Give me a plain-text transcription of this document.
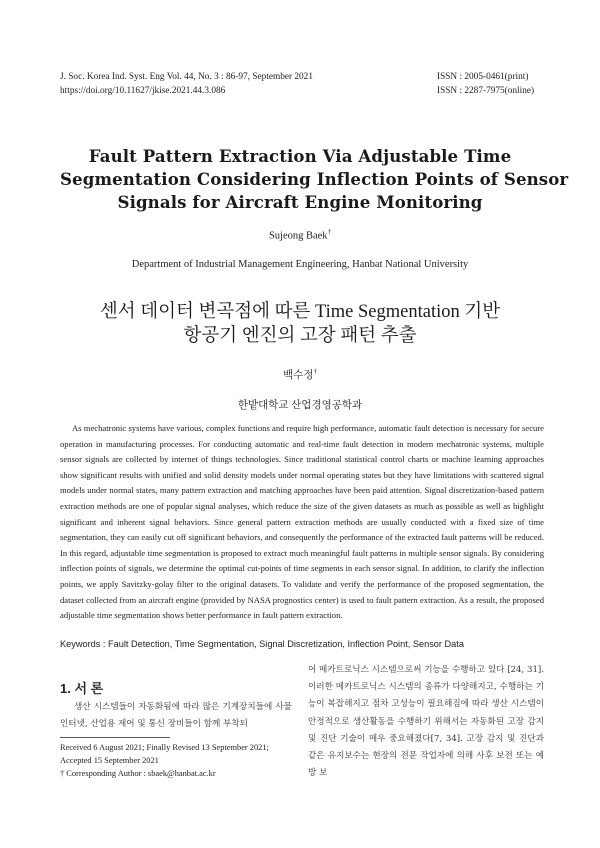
J. Soc. Korea Ind. Syst. Eng Vol. 44, No. 3 : 86-97, September 2021
https://doi.org/10.11627/jkise.2021.44.3.086
ISSN : 2005-0461(print)
ISSN : 2287-7975(online)
Fault Pattern Extraction Via Adjustable Time
Segmentation Considering Inflection Points of Sensor
Signals for Aircraft Engine Monitoring
Sujeong Baek†
Department of Industrial Management Engineering, Hanbat National University
센서 데이터 변곡점에 따른 Time Segmentation 기반
항공기 엔진의 고장 패턴 추출
백수정†
한밭대학교 산업경영공학과
As mechatronic systems have various, complex functions and require high performance, automatic fault detection is necessary for secure operation in manufacturing processes. For conducting automatic and real-time fault detection in modern mechatronic systems, multiple sensor signals are collected by internet of things technologies. Since traditional statistical control charts or machine learning approaches show significant results with unified and solid density models under normal operating states but they have limitations with scattered signal models under normal states, many pattern extraction and matching approaches have been paid attention. Signal discretization-based pattern extraction methods are one of popular signal analyses, which reduce the size of the given datasets as much as possible as well as highlight significant and inherent signal behaviors. Since general pattern extraction methods are usually conducted with a fixed size of time segmentation, they can easily cut off significant behaviors, and consequently the performance of the extracted fault patterns will be reduced. In this regard, adjustable time segmentation is proposed to extract much meaningful fault patterns in multiple sensor signals. By considering inflection points of signals, we determine the optimal cut-points of time segments in each sensor signal. In addition, to clarify the inflection points, we apply Savitzky-golay filter to the original datasets. To validate and verify the performance of the proposed segmentation, the dataset collected from an aircraft engine (provided by NASA prognostics center) is used to fault pattern extraction. As a result, the proposed adjustable time segmentation shows better performance in fault pattern extraction.
Keywords : Fault Detection, Time Segmentation, Signal Discretization, Inflection Point, Sensor Data
1. 서 론
생산 시스템들이 자동화됨에 따라 많은 기계장치들에 사물인터넷, 산업용 제어 및 통신 장비들이 함께 부착되
Received 6 August 2021; Finally Revised 13 September 2021;
Accepted 15 September 2021
† Corresponding Author : sbaek@hanbat.ac.kr
어 메카트로닉스 시스템으로써 기능을 수행하고 있다 [24, 31]. 이러한 메카트로닉스 시스템의 종류가 다양해지고, 수행하는 기능이 복잡해지고 점차 고성능이 필요해짐에 따라 생산 시스템이 안정적으로 생산활동을 수행하기 위해서는 자동화된 고장 감지 및 진단 기술이 매우 중요해졌다[7, 34]. 고장 감지 및 진단과 같은 유지보수는 현장의 전문 작업자에 의해 사후 보전 또는 예방 보
